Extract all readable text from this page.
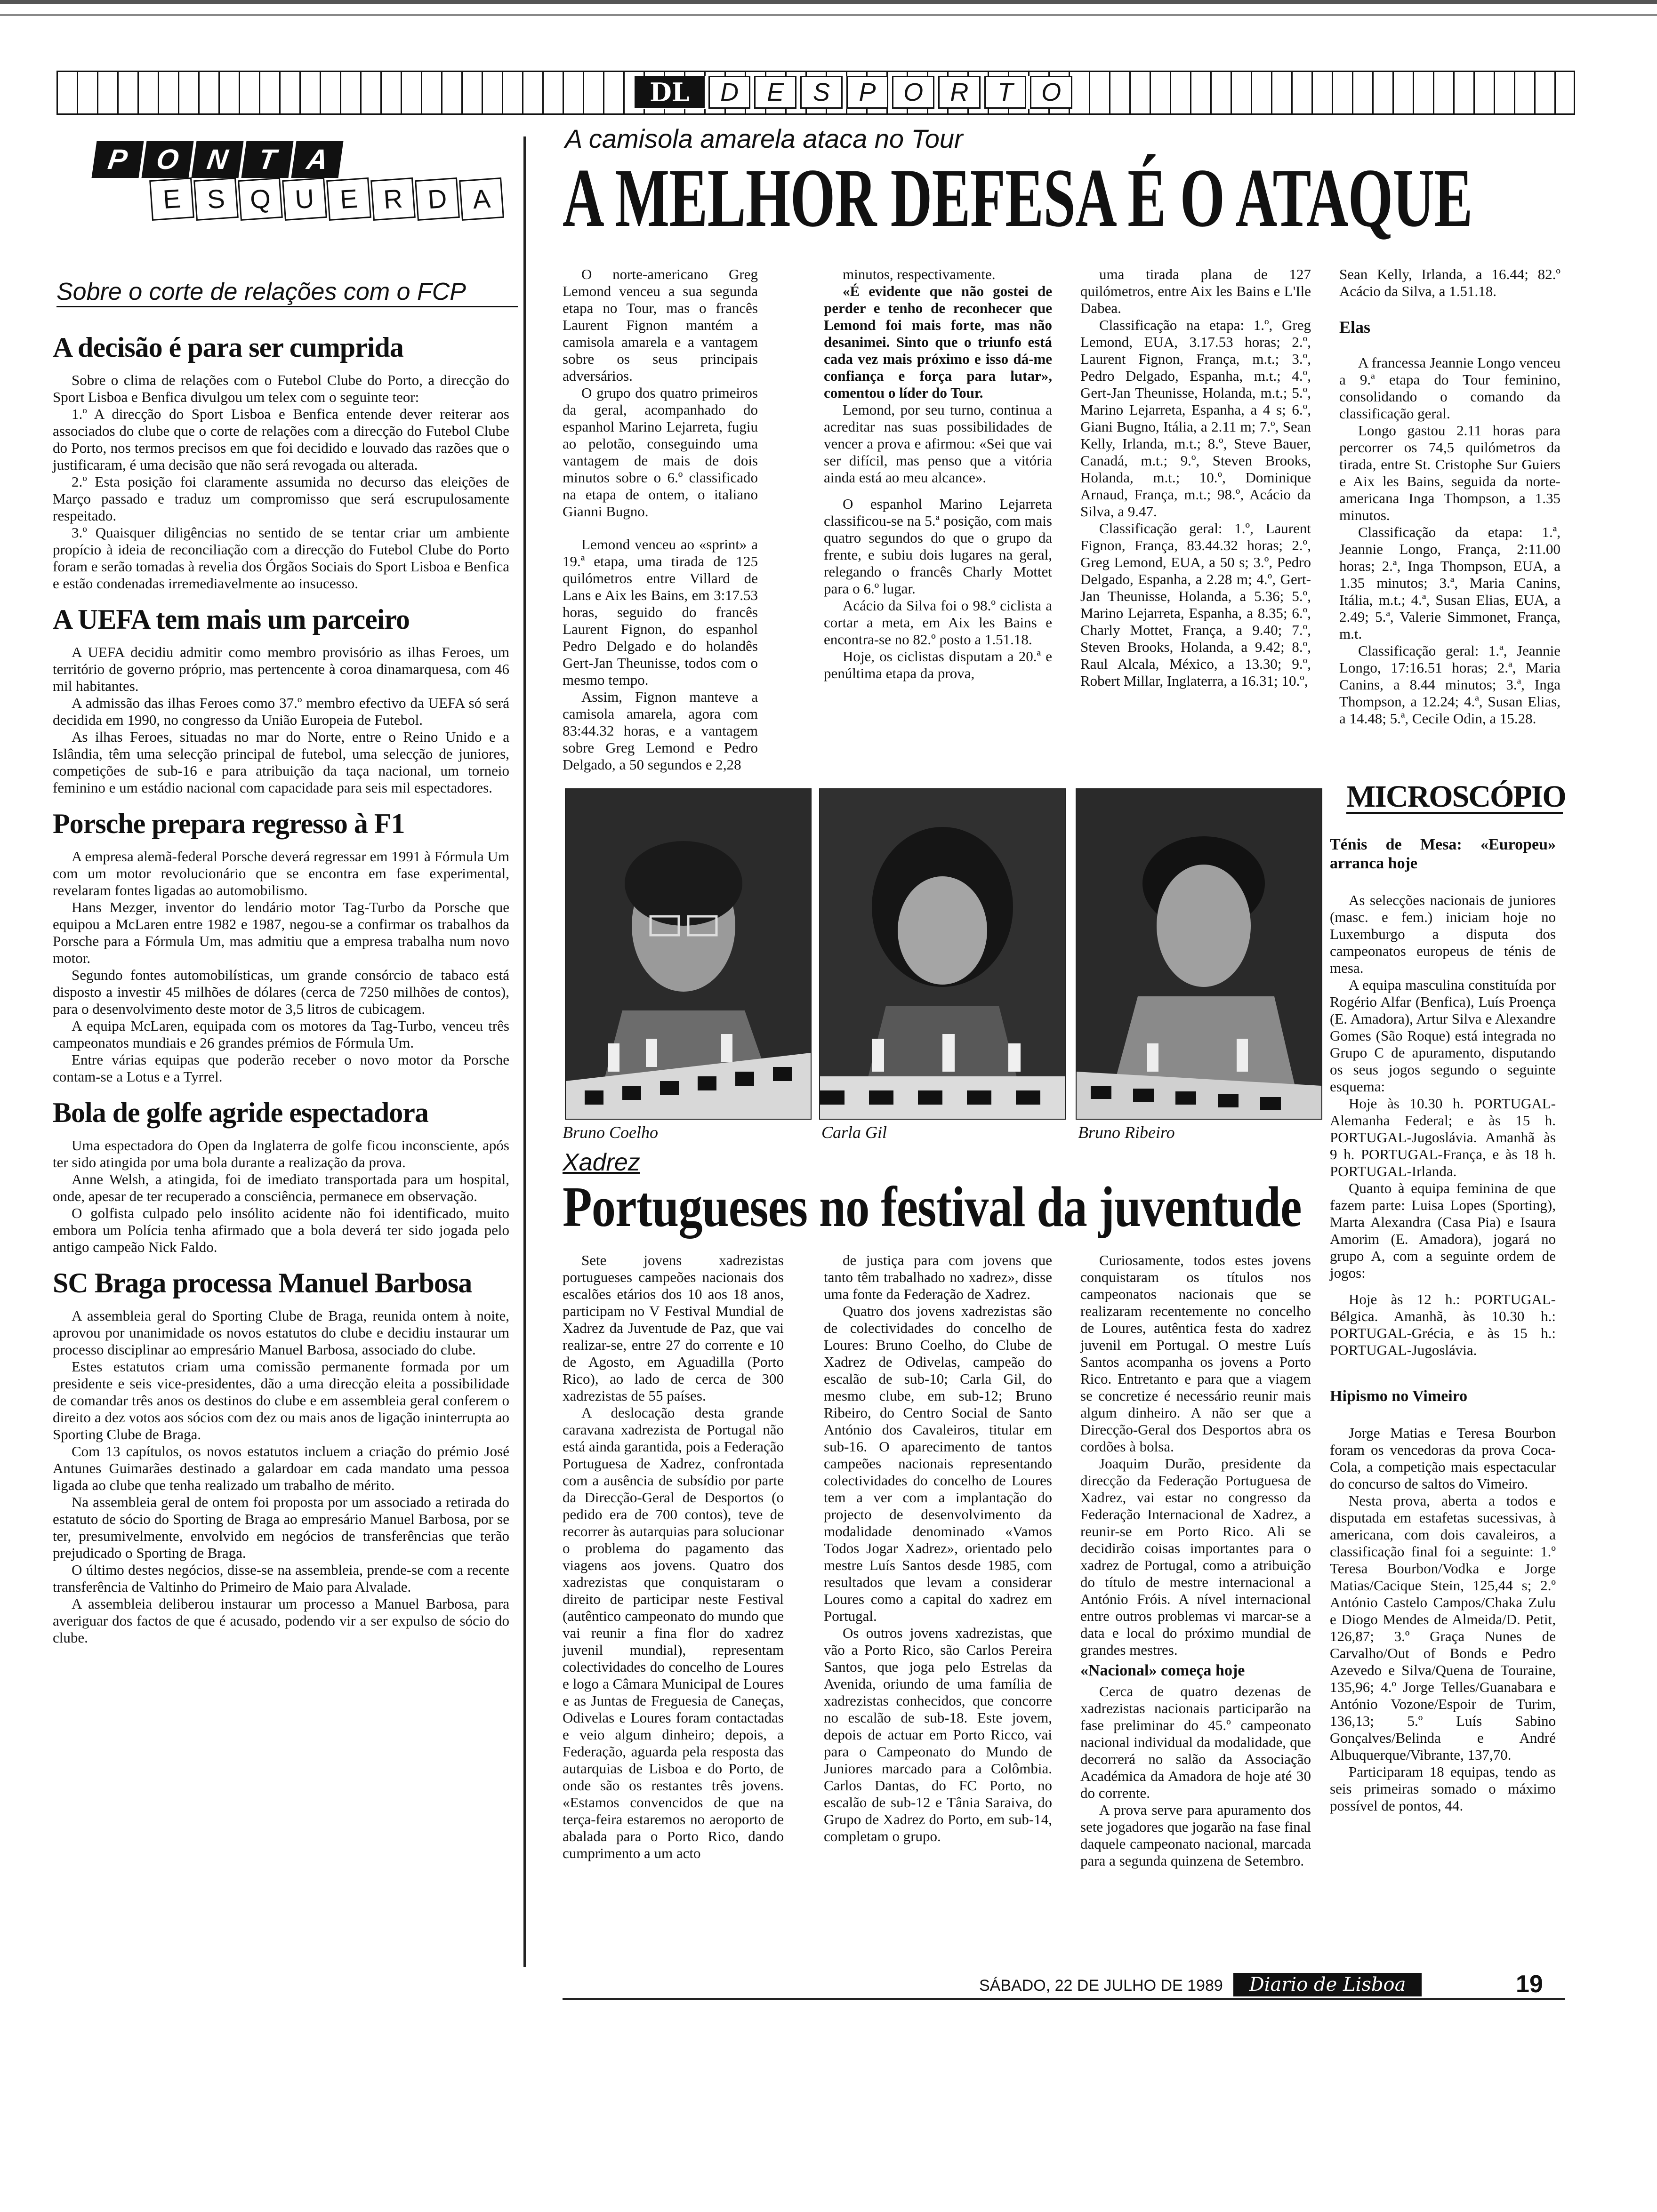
DL	D	E	S	P	O	R	T	O
P O N T A
E S Q U E R D A
Sobre o corte de relações com o FCP
A decisão é para ser cumprida

Sobre o clima de relações com o Futebol Clube do Porto, a direcção do Sport Lisboa e Benfica divulgou um telex com o seguinte teor:

1.º A direcção do Sport Lisboa e Benfica entende dever reiterar aos associados do clube que o corte de relações com a direcção do Futebol Clube do Porto, nos termos precisos em que foi decidido e louvado das razões que o justificaram, é uma decisão que não será revogada ou alterada.

2.º Esta posição foi claramente assumida no decurso das eleições de Março passado e traduz um compromisso que será escrupulosamente respeitado.

3.º Quaisquer diligências no sentido de se tentar criar um ambiente propício à ideia de reconciliação com a direcção do Futebol Clube do Porto foram e serão tomadas à revelia dos Órgãos Sociais do Sport Lisboa e Benfica e estão condenadas irremediavelmente ao insucesso.

A UEFA tem mais um parceiro

A UEFA decidiu admitir como membro provisório as ilhas Feroes, um território de governo próprio, mas pertencente à coroa dinamarquesa, com 46 mil habitantes.

A admissão das ilhas Feroes como 37.º membro efectivo da UEFA só será decidida em 1990, no congresso da União Europeia de Futebol.

As ilhas Feroes, situadas no mar do Norte, entre o Reino Unido e a Islândia, têm uma selecção principal de futebol, uma selecção de juniores, competições de sub-16 e para atribuição da taça nacional, um torneio feminino e um estádio nacional com capacidade para seis mil espectadores.

Porsche prepara regresso à F1

A empresa alemã-federal Porsche deverá regressar em 1991 à Fórmula Um com um motor revolucionário que se encontra em fase experimental, revelaram fontes ligadas ao automobilismo.

Hans Mezger, inventor do lendário motor Tag-Turbo da Porsche que equipou a McLaren entre 1982 e 1987, negou-se a confirmar os trabalhos da Porsche para a Fórmula Um, mas admitiu que a empresa trabalha num novo motor.

Segundo fontes automobilísticas, um grande consórcio de tabaco está disposto a investir 45 milhões de dólares (cerca de 7250 milhões de contos), para o desenvolvimento deste motor de 3,5 litros de cubicagem.

A equipa McLaren, equipada com os motores da Tag-Turbo, venceu três campeonatos mundiais e 26 grandes prémios de Fórmula Um.

Entre várias equipas que poderão receber o novo motor da Porsche contam-se a Lotus e a Tyrrel.

Bola de golfe agride espectadora

Uma espectadora do Open da Inglaterra de golfe ficou inconsciente, após ter sido atingida por uma bola durante a realização da prova.

Anne Welsh, a atingida, foi de imediato transportada para um hospital, onde, apesar de ter recuperado a consciência, permanece em observação.

O golfista culpado pelo insólito acidente não foi identificado, muito embora um Polícia tenha afirmado que a bola deverá ter sido jogada pelo antigo campeão Nick Faldo.

SC Braga processa Manuel Barbosa

A assembleia geral do Sporting Clube de Braga, reunida ontem à noite, aprovou por unanimidade os novos estatutos do clube e decidiu instaurar um processo disciplinar ao empresário Manuel Barbosa, associado do clube.

Estes estatutos criam uma comissão permanente formada por um presidente e seis vice-presidentes, dão a uma direcção eleita a possibilidade de comandar três anos os destinos do clube e em assembleia geral conferem o direito a dez votos aos sócios com dez ou mais anos de ligação ininterrupta ao Sporting Clube de Braga.

Com 13 capítulos, os novos estatutos incluem a criação do prémio José Antunes Guimarães destinado a galardoar em cada mandato uma pessoa ligada ao clube que tenha realizado um trabalho de mérito.

Na assembleia geral de ontem foi proposta por um associado a retirada do estatuto de sócio do Sporting de Braga ao empresário Manuel Barbosa, por se ter, presumivelmente, envolvido em negócios de transferências que terão prejudicado o Sporting de Braga.

O último destes negócios, disse-se na assembleia, prende-se com a recente transferência de Valtinho do Primeiro de Maio para Alvalade.

A assembleia deliberou instaurar um processo a Manuel Barbosa, para averiguar dos factos de que é acusado, podendo vir a ser expulso de sócio do clube.

A camisola amarela ataca no Tour
A MELHOR DEFESA É O ATAQUE

O norte-americano Greg Lemond venceu a sua segunda etapa no Tour, mas o francês Laurent Fignon mantém a camisola amarela e a vantagem sobre os seus principais adversários.

O grupo dos quatro primeiros da geral, acompanhado do espanhol Marino Lejarreta, fugiu ao pelotão, conseguindo uma vantagem de mais de dois minutos sobre o 6.º classificado na etapa de ontem, o italiano Gianni Bugno.

Lemond venceu ao «sprint» a 19.ª etapa, uma tirada de 125 quilómetros entre Villard de Lans e Aix les Bains, em 3:17.53 horas, seguido do francês Laurent Fignon, do espanhol Pedro Delgado e do holandês Gert-Jan Theunisse, todos com o mesmo tempo.

Assim, Fignon manteve a camisola amarela, agora com 83:44.32 horas, e a vantagem sobre Greg Lemond e Pedro Delgado, a 50 segundos e 2,28

minutos, respectivamente.

«É evidente que não gostei de perder e tenho de reconhecer que Lemond foi mais forte, mas não desanimei. Sinto que o triunfo está cada vez mais próximo e isso dá-me confiança e força para lutar», comentou o líder do Tour.

Lemond, por seu turno, continua a acreditar nas suas possibilidades de vencer a prova e afirmou: «Sei que vai ser difícil, mas penso que a vitória ainda está ao meu alcance».

O espanhol Marino Lejarreta classificou-se na 5.ª posição, com mais quatro segundos do que o grupo da frente, e subiu dois lugares na geral, relegando o francês Charly Mottet para o 6.º lugar.

Acácio da Silva foi o 98.º ciclista a cortar a meta, em Aix les Bains e encontra-se no 82.º posto a 1.51.18.

Hoje, os ciclistas disputam a 20.ª e penúltima etapa da prova,

uma tirada plana de 127 quilómetros, entre Aix les Bains e L'Ile Dabea.

Classificação na etapa: 1.º, Greg Lemond, EUA, 3.17.53 horas; 2.º, Laurent Fignon, França, m.t.; 3.º, Pedro Delgado, Espanha, m.t.; 4.º, Gert-Jan Theunisse, Holanda, m.t.; 5.º, Marino Lejarreta, Espanha, a 4 s; 6.º, Giani Bugno, Itália, a 2.11 m; 7.º, Sean Kelly, Irlanda, m.t.; 8.º, Steve Bauer, Canadá, m.t.; 9.º, Steven Brooks, Holanda, m.t.; 10.º, Dominique Arnaud, França, m.t.; 98.º, Acácio da Silva, a 9.47.

Classificação geral: 1.º, Laurent Fignon, França, 83.44.32 horas; 2.º, Greg Lemond, EUA, a 50 s; 3.º, Pedro Delgado, Espanha, a 2.28 m; 4.º, Gert-Jan Theunisse, Holanda, a 5.36; 5.º, Marino Lejarreta, Espanha, a 8.35; 6.º, Charly Mottet, França, a 9.40; 7.º, Steven Brooks, Holanda, a 9.42; 8.º, Raul Alcala, México, a 13.30; 9.º, Robert Millar, Inglaterra, a 16.31; 10.º,

Sean Kelly, Irlanda, a 16.44; 82.º Acácio da Silva, a 1.51.18.

Elas

A francessa Jeannie Longo venceu a 9.ª etapa do Tour feminino, consolidando o comando da classificação geral.

Longo gastou 2.11 horas para percorrer os 74,5 quilómetros da tirada, entre St. Cristophe Sur Guiers e Aix les Bains, seguida da norte-americana Inga Thompson, a 1.35 minutos.

Classificação da etapa: 1.ª, Jeannie Longo, França, 2:11.00 horas; 2.ª, Inga Thompson, EUA, a 1.35 minutos; 3.ª, Maria Canins, Itália, m.t.; 4.ª, Susan Elias, EUA, a 2.49; 5.ª, Valerie Simmonet, França, m.t.

Classificação geral: 1.ª, Jeannie Longo, 17:16.51 horas; 2.ª, Maria Canins, a 8.44 minutos; 3.ª, Inga Thompson, a 12.24; 4.ª, Susan Elias, a 14.48; 5.ª, Cecile Odin, a 15.28.

Bruno Coelho	Carla Gil	Bruno Ribeiro
Xadrez
Portugueses no festival da juventude

Sete jovens xadrezistas portugueses campeões nacionais dos escalões etários dos 10 aos 18 anos, participam no V Festival Mundial de Xadrez da Juventude de Paz, que vai realizar-se, entre 27 do corrente e 10 de Agosto, em Aguadilla (Porto Rico), ao lado de cerca de 300 xadrezistas de 55 países.

A deslocação desta grande caravana xadrezista de Portugal não está ainda garantida, pois a Federação Portuguesa de Xadrez, confrontada com a ausência de subsídio por parte da Direcção-Geral de Desportos (o pedido era de 700 contos), teve de recorrer às autarquias para solucionar o problema do pagamento das viagens aos jovens. Quatro dos xadrezistas que conquistaram o direito de participar neste Festival (autêntico campeonato do mundo que vai reunir a fina flor do xadrez juvenil mundial), representam colectividades do concelho de Loures e logo a Câmara Municipal de Loures e as Juntas de Freguesia de Caneças, Odivelas e Loures foram contactadas e veio algum dinheiro; depois, a Federação, aguarda pela resposta das autarquias de Lisboa e do Porto, de onde são os restantes três jovens. «Estamos convencidos de que na terça-feira estaremos no aeroporto de abalada para o Porto Rico, dando cumprimento a um acto

de justiça para com jovens que tanto têm trabalhado no xadrez», disse uma fonte da Federação de Xadrez.

Quatro dos jovens xadrezistas são de colectividades do concelho de Loures: Bruno Coelho, do Clube de Xadrez de Odivelas, campeão do escalão de sub-10; Carla Gil, do mesmo clube, em sub-12; Bruno Ribeiro, do Centro Social de Santo António dos Cavaleiros, titular em sub-16. O aparecimento de tantos campeões nacionais representando colectividades do concelho de Loures tem a ver com a implantação do projecto de desenvolvimento da modalidade denominado «Vamos Todos Jogar Xadrez», orientado pelo mestre Luís Santos desde 1985, com resultados que levam a considerar Loures como a capital do xadrez em Portugal.

Os outros jovens xadrezistas, que vão a Porto Rico, são Carlos Pereira Santos, que joga pelo Estrelas da Avenida, oriundo de uma família de xadrezistas conhecidos, que concorre no escalão de sub-18. Este jovem, depois de actuar em Porto Ricco, vai para o Campeonato do Mundo de Juniores marcado para a Colômbia. Carlos Dantas, do FC Porto, no escalão de sub-12 e Tânia Saraiva, do Grupo de Xadrez do Porto, em sub-14, completam o grupo.

Curiosamente, todos estes jovens conquistaram os títulos nos campeonatos nacionais que se realizaram recentemente no concelho de Loures, autêntica festa do xadrez juvenil em Portugal. O mestre Luís Santos acompanha os jovens a Porto Rico. Entretanto e para que a viagem se concretize é necessário reunir mais algum dinheiro. A não ser que a Direcção-Geral dos Desportos abra os cordões à bolsa.

Joaquim Durão, presidente da direcção da Federação Portuguesa de Xadrez, vai estar no congresso da Federação Internacional de Xadrez, a reunir-se em Porto Rico. Ali se decidirão coisas importantes para o xadrez de Portugal, como a atribuição do título de mestre internacional a António Fróis. A nível internacional entre outros problemas vi marcar-se a data e local do próximo mundial de grandes mestres.

«Nacional» começa hoje

Cerca de quatro dezenas de xadrezistas nacionais participarão na fase preliminar do 45.º campeonato nacional individual da modalidade, que decorrerá no salão da Associação Académica da Amadora de hoje até 30 do corrente.

A prova serve para apuramento dos sete jogadores que jogarão na fase final daquele campeonato nacional, marcada para a segunda quinzena de Setembro.

MICROSCÓPIO

Ténis de Mesa: «Europeu» arranca hoje

As selecções nacionais de juniores (masc. e fem.) iniciam hoje no Luxemburgo a disputa dos campeonatos europeus de ténis de mesa.

A equipa masculina constituída por Rogério Alfar (Benfica), Luís Proença (E. Amadora), Artur Silva e Alexandre Gomes (São Roque) está integrada no Grupo C de apuramento, disputando os seus jogos segundo o seguinte esquema:

Hoje às 10.30 h. PORTUGAL-Alemanha Federal; e às 15 h. PORTUGAL-Jugoslávia. Amanhã às 9 h. PORTUGAL-França, e às 18 h. PORTUGAL-Irlanda.

Quanto à equipa feminina de que fazem parte: Luisa Lopes (Sporting), Marta Alexandra (Casa Pia) e Isaura Amorim (E. Amadora), jogará no grupo A, com a seguinte ordem de jogos:

Hoje às 12 h.: PORTUGAL-Bélgica. Amanhã, às 10.30 h.: PORTUGAL-Grécia, e às 15 h.: PORTUGAL-Jugoslávia.

Hipismo no Vimeiro

Jorge Matias e Teresa Bourbon foram os vencedoras da prova Coca-Cola, a competição mais espectacular do concurso de saltos do Vimeiro.

Nesta prova, aberta a todos e disputada em estafetas sucessivas, à americana, com dois cavaleiros, a classificação final foi a seguinte: 1.º Teresa Bourbon/Vodka e Jorge Matias/Cacique Stein, 125,44 s; 2.º António Castelo Campos/Chaka Zulu e Diogo Mendes de Almeida/D. Petit, 126,87; 3.º Graça Nunes de Carvalho/Out of Bonds e Pedro Azevedo e Silva/Quena de Touraine, 135,96; 4.º Jorge Telles/Guanabara e António Vozone/Espoir de Turim, 136,13; 5.º Luís Sabino Gonçalves/Belinda e André Albuquerque/Vibrante, 137,70.

Participaram 18 equipas, tendo as seis primeiras somado o máximo possível de pontos, 44.

SÁBADO, 22 DE JULHO DE 1989	Diario de Lisboa	19
